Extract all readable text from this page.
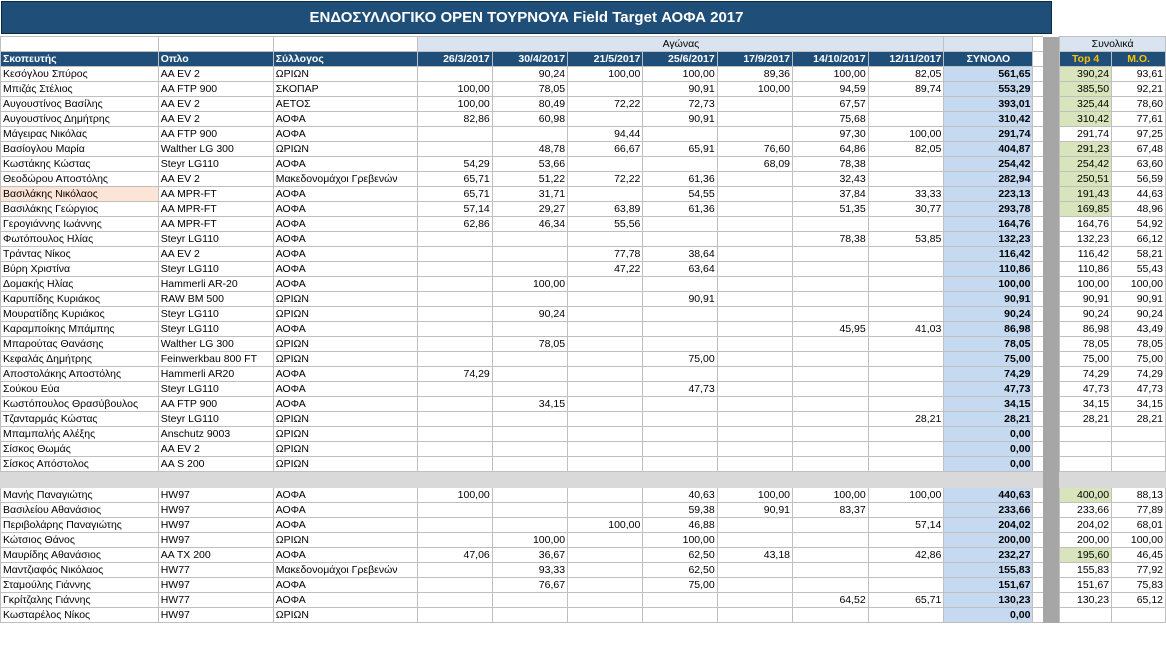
ΕΝΔΟΣΥΛΛΟΓΙΚΟ OPEN ΤΟΥΡΝΟΥΑ Field Target ΑΟΦΑ 2017
			Αγώνας										Συνολικά	
Σκοπευτής	Οπλο	Σύλλογος	26/3/2017	30/4/2017	21/5/2017	25/6/2017	17/9/2017	14/10/2017	12/11/2017	ΣΥΝΟΛΟ			Top 4	Μ.Ο.
Κεσόγλου Σπύρος	AA EV 2	ΩΡΙΩΝ		90,24	100,00	100,00	89,36	100,00	82,05	561,65			390,24	93,61
Μπιζάς Στέλιος	AA FTP 900	ΣΚΟΠΑΡ	100,00	78,05		90,91	100,00	94,59	89,74	553,29			385,50	92,21
Αυγουστίνος Βασίλης	AA EV 2	ΑΕΤΟΣ	100,00	80,49	72,22	72,73		67,57		393,01			325,44	78,60
Αυγουστίνος Δημήτρης	AA EV 2	ΑΟΦΑ	82,86	60,98		90,91		75,68		310,42			310,42	77,61
Μάγειρας Νικόλας	AA FTP 900	ΑΟΦΑ			94,44			97,30	100,00	291,74			291,74	97,25
Βασίογλου Μαρία	Walther LG 300	ΩΡΙΩΝ		48,78	66,67	65,91	76,60	64,86	82,05	404,87			291,23	67,48
Κωστάκης Κώστας	Steyr LG110	ΑΟΦΑ	54,29	53,66			68,09	78,38		254,42			254,42	63,60
Θεοδώρου Αποστόλης	AA EV 2	Μακεδονομάχοι Γρεβενών	65,71	51,22	72,22	61,36		32,43		282,94			250,51	56,59
Βασιλάκης Νικόλαος	AA MPR-FT	ΑΟΦΑ	65,71	31,71		54,55		37,84	33,33	223,13			191,43	44,63
Βασιλάκης Γεώργιος	AA MPR-FT	ΑΟΦΑ	57,14	29,27	63,89	61,36		51,35	30,77	293,78			169,85	48,96
Γερογιάννης Ιωάννης	AA MPR-FT	ΑΟΦΑ	62,86	46,34	55,56					164,76			164,76	54,92
Φωτόπουλος Ηλίας	Steyr LG110	ΑΟΦΑ						78,38	53,85	132,23			132,23	66,12
Τράντας Νίκος	AA EV 2	ΑΟΦΑ			77,78	38,64				116,42			116,42	58,21
Βύρη Χριστίνα	Steyr LG110	ΑΟΦΑ			47,22	63,64				110,86			110,86	55,43
Δομακής Ηλίας	Hammerli AR-20	ΑΟΦΑ		100,00						100,00			100,00	100,00
Καρυπίδης Κυριάκος	RAW BM 500	ΩΡΙΩΝ				90,91				90,91			90,91	90,91
Μουρατίδης Κυριάκος	Steyr LG110	ΩΡΙΩΝ		90,24						90,24			90,24	90,24
Καραμποίκης Μπάμπης	Steyr LG110	ΑΟΦΑ						45,95	41,03	86,98			86,98	43,49
Μπαρούτας Θανάσης	Walther LG 300	ΩΡΙΩΝ		78,05						78,05			78,05	78,05
Κεφαλάς Δημήτρης	Feinwerkbau 800 FT	ΩΡΙΩΝ				75,00				75,00			75,00	75,00
Αποστολάκης Αποστόλης	Hammerli AR20	ΑΟΦΑ	74,29							74,29			74,29	74,29
Σούκου Εύα	Steyr LG110	ΑΟΦΑ				47,73				47,73			47,73	47,73
Κωστόπουλος Θρασύβουλος	AA FTP 900	ΑΟΦΑ		34,15						34,15			34,15	34,15
Τζανταρμάς Κώστας	Steyr LG110	ΩΡΙΩΝ							28,21	28,21			28,21	28,21
Μπαμπαλής Αλέξης	Anschutz 9003	ΩΡΙΩΝ								0,00				
Σίσκος Θωμάς	AA EV 2	ΩΡΙΩΝ								0,00				
Σίσκος Απόστολος	AA S 200	ΩΡΙΩΝ								0,00				

Μανής Παναγιώτης	HW97	ΑΟΦΑ	100,00			40,63	100,00	100,00	100,00	440,63			400,00	88,13
Βασιλείου Αθανάσιος	HW97	ΑΟΦΑ				59,38	90,91	83,37		233,66			233,66	77,89
Περιβολάρης Παναγιώτης	HW97	ΑΟΦΑ			100,00	46,88			57,14	204,02			204,02	68,01
Κώτσιος Θάνος	HW97	ΩΡΙΩΝ		100,00		100,00				200,00			200,00	100,00
Μαυρίδης Αθανάσιος	AA TX 200	ΑΟΦΑ	47,06	36,67		62,50	43,18		42,86	232,27			195,60	46,45
Μαντζιαφός Νικόλαος	HW77	Μακεδονομάχοι Γρεβενών		93,33		62,50				155,83			155,83	77,92
Σταμούλης Γιάννης	HW97	ΑΟΦΑ		76,67		75,00				151,67			151,67	75,83
Γκρίτζαλης Γιάννης	HW77	ΑΟΦΑ						64,52	65,71	130,23			130,23	65,12
Κωσταρέλος Νίκος	HW97	ΩΡΙΩΝ								0,00				
